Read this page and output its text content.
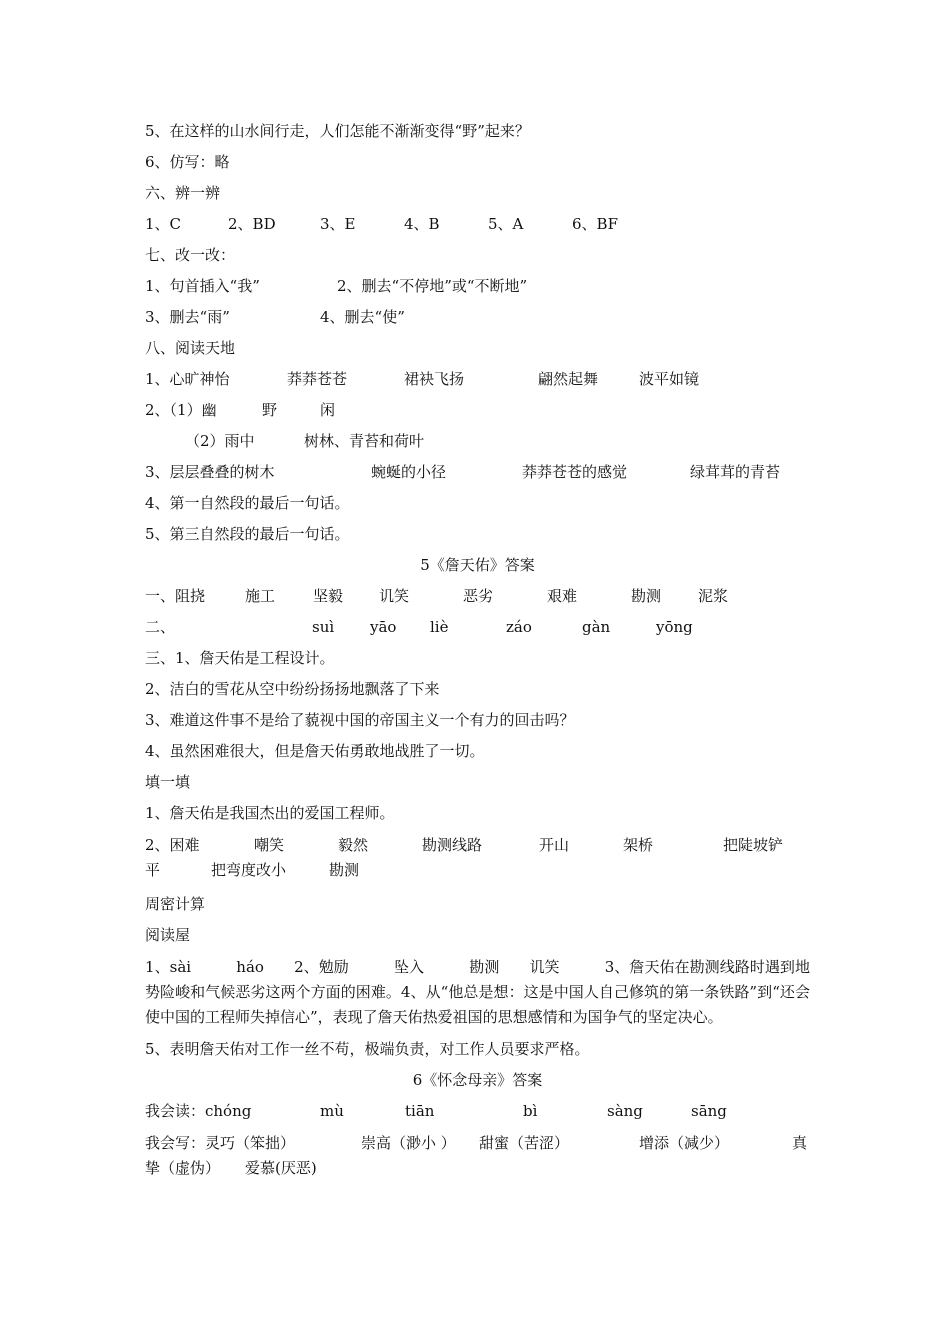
5、在这样的山水间行走，人们怎能不渐渐变得“野”起来？
6、仿写：略
六、辨一辨
1、C	2、BD	3、E	4、B	5、A	6、BF
七、改一改：
1、句首插入“我”	2、删去“不停地”或“不断地”
3、删去“雨”	4、删去“使”
八、阅读天地
1、心旷神怡	莽莽苍苍	裙袂飞扬	翩然起舞	波平如镜
2、（1）幽	野	闲
（2）雨中	树林、青苔和荷叶
3、层层叠叠的树木	蜿蜒的小径	莽莽苍苍的感觉	绿茸茸的青苔
4、第一自然段的最后一句话。
5、第三自然段的最后一句话。
5《詹天佑》答案
一、阻挠	施工	坚毅 讥笑	恶劣	艰难	勘测 泥浆
二、	suì yāo liè	záo	gàn	yōng
三、1、詹天佑是工程设计。
2、洁白的雪花从空中纷纷扬扬地飘落了下来
3、难道这件事不是给了藐视中国的帝国主义一个有力的回击吗？
4、虽然困难很大，但是詹天佑勇敢地战胜了一切。
填一填
1、詹天佑是我国杰出的爱国工程师。
2、困难	嘲笑	毅然	勘测线路	开山	架桥	把陡坡铲
平	把弯度改小	勘测
周密计算
阅读屋
1、sài　　　háo　　2、勉励　　　坠入　　　勘测　　讥笑　　　3、詹天佑在勘测线路时遇到地势险峻和气候恶劣这两个方面的困难。4、从“他总是想：这是中国人自己修筑的第一条铁路”到“还会使中国的工程师失掉信心”，表现了詹天佑热爱祖国的思想感情和为国争气的坚定决心。
5、表明詹天佑对工作一丝不苟，极端负责，对工作人员要求严格。
6《怀念母亲》答案
我会读：chóng	mù	tiān	bì	sàng	sāng
我会写：灵巧（笨拙）	崇高（渺小 ） 甜蜜（苦涩）	增添（减少）	真
挚（虚伪） 爱慕(厌恶)
